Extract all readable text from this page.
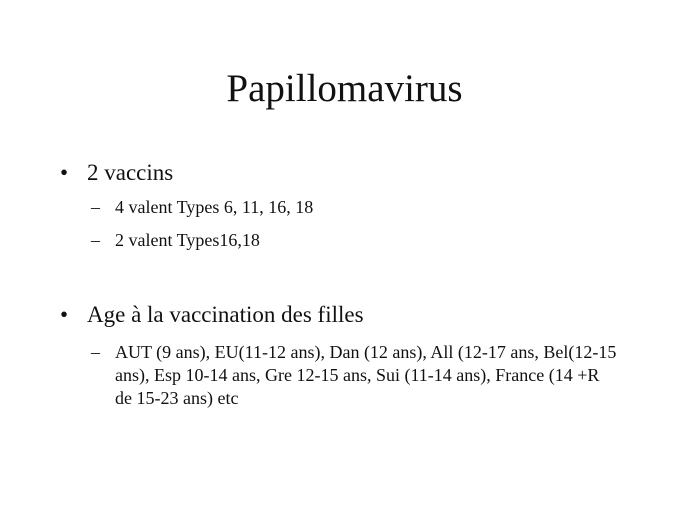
Papillomavirus
• 2 vaccins
– 4 valent Types 6, 11, 16, 18
– 2 valent Types16,18
• Age à la vaccination des filles
– AUT (9 ans), EU(11-12 ans), Dan (12 ans), All (12-17 ans, Bel(12-15 ans), Esp 10-14 ans, Gre 12-15 ans, Sui (11-14 ans), France (14 +R de 15-23 ans) etc
